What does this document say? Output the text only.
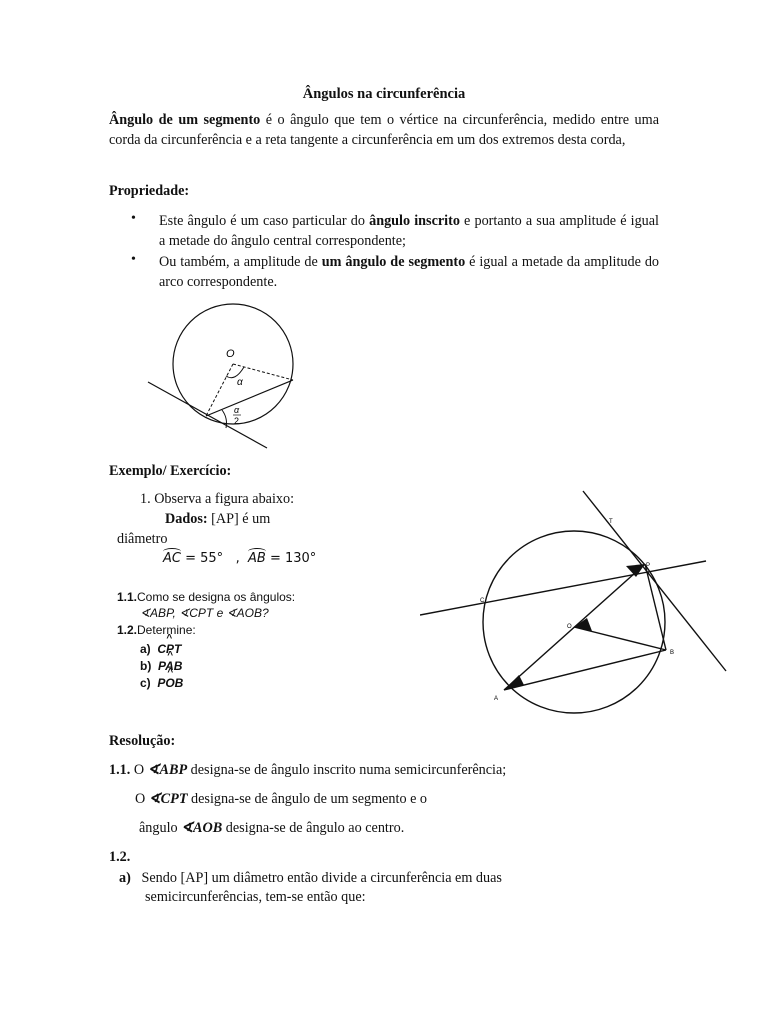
Ângulos na circunferência
Ângulo de um segmento é o ângulo que tem o vértice na circunferência, medido entre uma corda da circunferência e a reta tangente a circunferência em um dos extremos desta corda,
Propriedade:
• Este ângulo é um caso particular do ângulo inscrito e portanto a sua amplitude é igual a metade do ângulo central correspondente;
• Ou também, a amplitude de um ângulo de segmento é igual a metade da amplitude do arco correspondente.
O
α
α
2
Exemplo/ Exercício:
1. Observa a figura abaixo:
Dados: [AP] é um
diâmetro
AC = 55° , AB = 130°
1.1.Como se designa os ângulos:
∢ABP, ∢CPT e ∢AOB?
1.2.Determine:
a) CPT ^
b) PAB ^
c) POB ^
T
P
C
O
B
A
Resolução:
1.1. O ∢ABP designa-se de ângulo inscrito numa semicircunferência;
O ∢CPT designa-se de ângulo de um segmento e o
ângulo ∢AOB designa-se de ângulo ao centro.
1.2.
a) Sendo [AP] um diâmetro então divide a circunferência em duas
semicircunferências, tem-se então que:
